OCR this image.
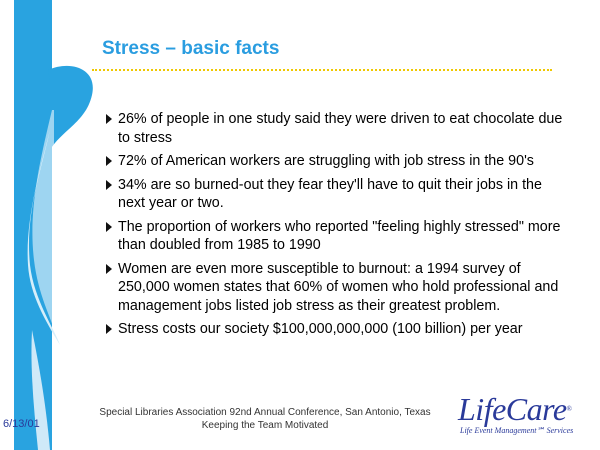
Stress – basic facts
26% of people in one study said they were driven to eat chocolate due to stress
72% of American workers are struggling with job stress in the 90's
34% are so burned-out they fear they'll have to quit their jobs in the next year or two.
The proportion of workers who reported "feeling highly stressed" more than doubled from 1985 to 1990
Women are even more susceptible to burnout: a 1994 survey of 250,000 women states that 60% of women who hold professional and management jobs listed job stress as their greatest problem.
Stress costs our society $100,000,000,000 (100 billion) per year
6/13/01
Special Libraries Association 92nd Annual Conference, San Antonio, Texas
Keeping the Team Motivated	LifeCare®
Life Event Management℠ Services
